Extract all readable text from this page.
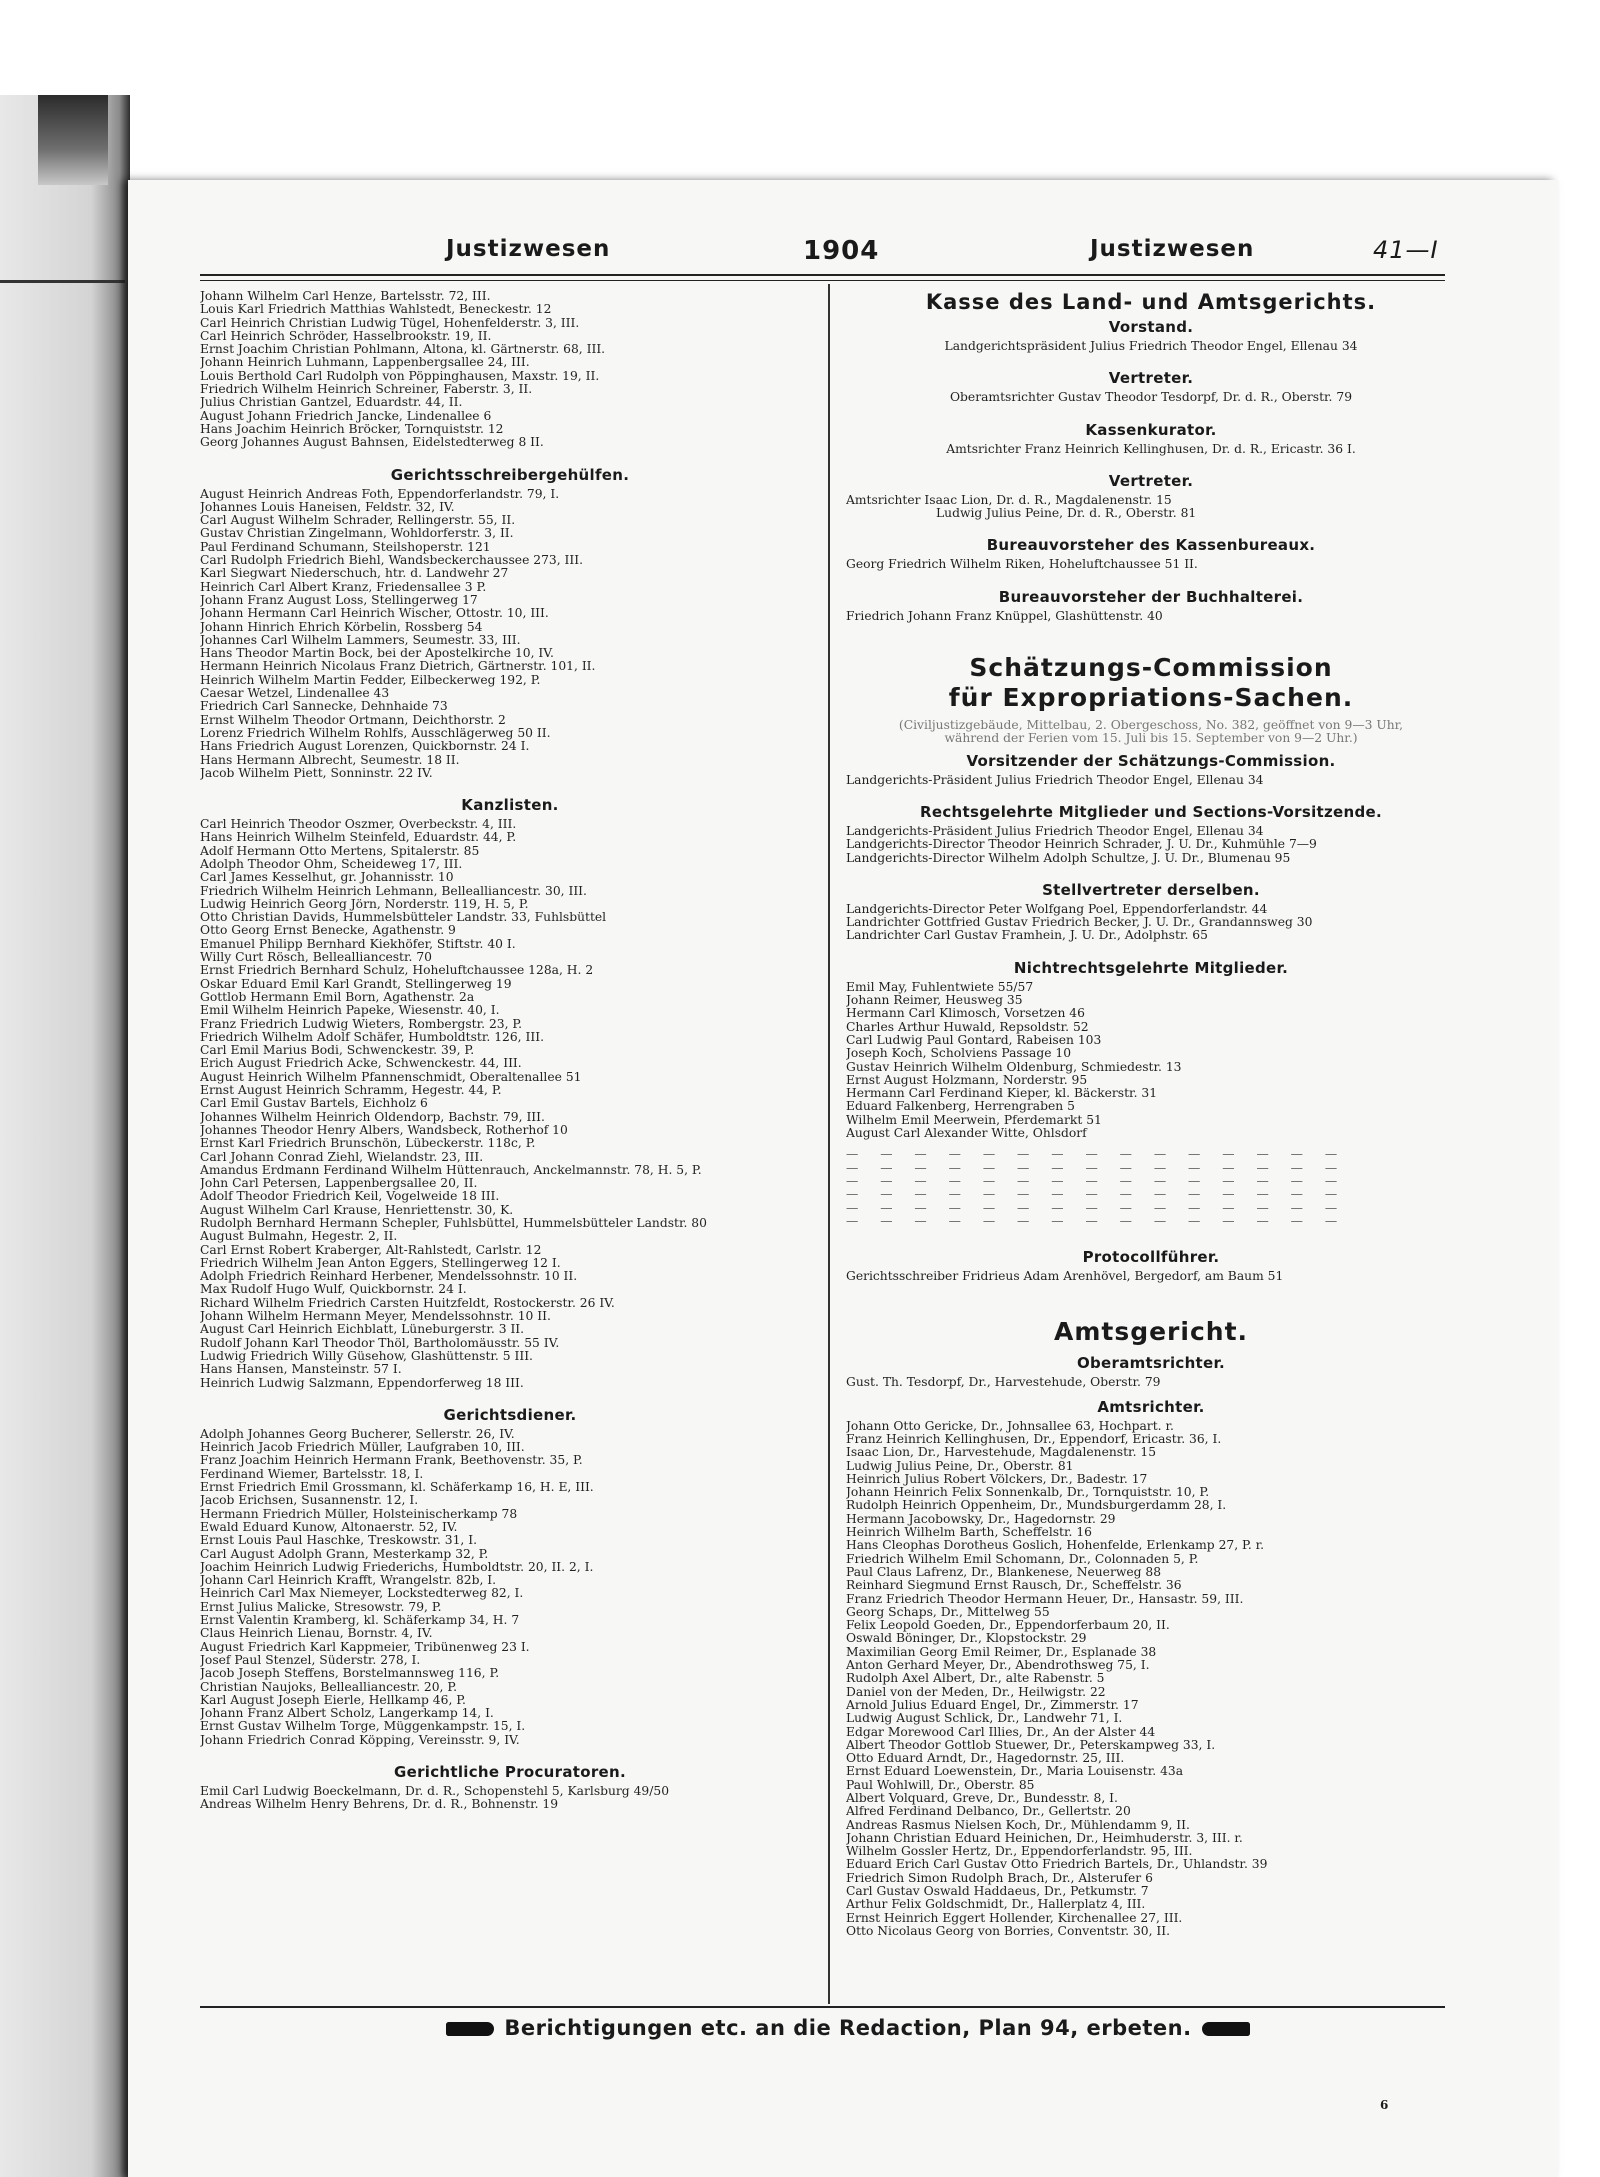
Justizwesen	1904	Justizwesen	41—I
Johann Wilhelm Carl Henze, Bartelsstr. 72, III.
Louis Karl Friedrich Matthias Wahlstedt, Beneckestr. 12
Carl Heinrich Christian Ludwig Tügel, Hohenfelderstr. 3, III.
Carl Heinrich Schröder, Hasselbrookstr. 19, II.
Ernst Joachim Christian Pohlmann, Altona, kl. Gärtnerstr. 68, III.
Johann Heinrich Luhmann, Lappenbergsallee 24, III.
Louis Berthold Carl Rudolph von Pöppinghausen, Maxstr. 19, II.
Friedrich Wilhelm Heinrich Schreiner, Faberstr. 3, II.
Julius Christian Gantzel, Eduardstr. 44, II.
August Johann Friedrich Jancke, Lindenallee 6
Hans Joachim Heinrich Bröcker, Tornquiststr. 12
Georg Johannes August Bahnsen, Eidelstedterweg 8 II.
Gerichtsschreibergehülfen.
August Heinrich Andreas Foth, Eppendorferlandstr. 79, I.
Johannes Louis Haneisen, Feldstr. 32, IV.
Carl August Wilhelm Schrader, Rellingerstr. 55, II.
Gustav Christian Zingelmann, Wohldorferstr. 3, II.
Paul Ferdinand Schumann, Steilshoperstr. 121
Carl Rudolph Friedrich Biehl, Wandsbeckerchaussee 273, III.
Karl Siegwart Niederschuch, htr. d. Landwehr 27
Heinrich Carl Albert Kranz, Friedensallee 3 P.
Johann Franz August Loss, Stellingerweg 17
Johann Hermann Carl Heinrich Wischer, Ottostr. 10, III.
Johann Hinrich Ehrich Körbelin, Rossberg 54
Johannes Carl Wilhelm Lammers, Seumestr. 33, III.
Hans Theodor Martin Bock, bei der Apostelkirche 10, IV.
Hermann Heinrich Nicolaus Franz Dietrich, Gärtnerstr. 101, II.
Heinrich Wilhelm Martin Fedder, Eilbeckerweg 192, P.
Caesar Wetzel, Lindenallee 43
Friedrich Carl Sannecke, Dehnhaide 73
Ernst Wilhelm Theodor Ortmann, Deichthorstr. 2
Lorenz Friedrich Wilhelm Rohlfs, Ausschlägerweg 50 II.
Hans Friedrich August Lorenzen, Quickbornstr. 24 I.
Hans Hermann Albrecht, Seumestr. 18 II.
Jacob Wilhelm Piett, Sonninstr. 22 IV.
Kanzlisten.
Carl Heinrich Theodor Oszmer, Overbeckstr. 4, III.
Hans Heinrich Wilhelm Steinfeld, Eduardstr. 44, P.
Adolf Hermann Otto Mertens, Spitalerstr. 85
Adolph Theodor Ohm, Scheideweg 17, III.
Carl James Kesselhut, gr. Johannisstr. 10
Friedrich Wilhelm Heinrich Lehmann, Bellealliancestr. 30, III.
Ludwig Heinrich Georg Jörn, Norderstr. 119, H. 5, P.
Otto Christian Davids, Hummelsbütteler Landstr. 33, Fuhlsbüttel
Otto Georg Ernst Benecke, Agathenstr. 9
Emanuel Philipp Bernhard Kiekhöfer, Stiftstr. 40 I.
Willy Curt Rösch, Bellealliancestr. 70
Ernst Friedrich Bernhard Schulz, Hoheluftchaussee 128a, H. 2
Oskar Eduard Emil Karl Grandt, Stellingerweg 19
Gottlob Hermann Emil Born, Agathenstr. 2a
Emil Wilhelm Heinrich Papeke, Wiesenstr. 40, I.
Franz Friedrich Ludwig Wieters, Rombergstr. 23, P.
Friedrich Wilhelm Adolf Schäfer, Humboldtstr. 126, III.
Carl Emil Marius Bodi, Schwenckestr. 39, P.
Erich August Friedrich Acke, Schwenckestr. 44, III.
August Heinrich Wilhelm Pfannenschmidt, Oberaltenallee 51
Ernst August Heinrich Schramm, Hegestr. 44, P.
Carl Emil Gustav Bartels, Eichholz 6
Johannes Wilhelm Heinrich Oldendorp, Bachstr. 79, III.
Johannes Theodor Henry Albers, Wandsbeck, Rotherhof 10
Ernst Karl Friedrich Brunschön, Lübeckerstr. 118c, P.
Carl Johann Conrad Ziehl, Wielandstr. 23, III.
Amandus Erdmann Ferdinand Wilhelm Hüttenrauch, Anckelmannstr. 78, H. 5, P.
John Carl Petersen, Lappenbergsallee 20, II.
Adolf Theodor Friedrich Keil, Vogelweide 18 III.
August Wilhelm Carl Krause, Henriettenstr. 30, K.
Rudolph Bernhard Hermann Schepler, Fuhlsbüttel, Hummelsbütteler Landstr. 80
August Bulmahn, Hegestr. 2, II.
Carl Ernst Robert Kraberger, Alt-Rahlstedt, Carlstr. 12
Friedrich Wilhelm Jean Anton Eggers, Stellingerweg 12 I.
Adolph Friedrich Reinhard Herbener, Mendelssohnstr. 10 II.
Max Rudolf Hugo Wulf, Quickbornstr. 24 I.
Richard Wilhelm Friedrich Carsten Huitzfeldt, Rostockerstr. 26 IV.
Johann Wilhelm Hermann Meyer, Mendelssohnstr. 10 II.
August Carl Heinrich Eichblatt, Lüneburgerstr. 3 II.
Rudolf Johann Karl Theodor Thöl, Bartholomäusstr. 55 IV.
Ludwig Friedrich Willy Güsehow, Glashüttenstr. 5 III.
Hans Hansen, Mansteinstr. 57 I.
Heinrich Ludwig Salzmann, Eppendorferweg 18 III.
Gerichtsdiener.
Adolph Johannes Georg Bucherer, Sellerstr. 26, IV.
Heinrich Jacob Friedrich Müller, Laufgraben 10, III.
Franz Joachim Heinrich Hermann Frank, Beethovenstr. 35, P.
Ferdinand Wiemer, Bartelsstr. 18, I.
Ernst Friedrich Emil Grossmann, kl. Schäferkamp 16, H. E, III.
Jacob Erichsen, Susannenstr. 12, I.
Hermann Friedrich Müller, Holsteinischerkamp 78
Ewald Eduard Kunow, Altonaerstr. 52, IV.
Ernst Louis Paul Haschke, Treskowstr. 31, I.
Carl August Adolph Grann, Mesterkamp 32, P.
Joachim Heinrich Ludwig Friederichs, Humboldtstr. 20, II. 2, I.
Johann Carl Heinrich Krafft, Wrangelstr. 82b, I.
Heinrich Carl Max Niemeyer, Lockstedterweg 82, I.
Ernst Julius Malicke, Stresowstr. 79, P.
Ernst Valentin Kramberg, kl. Schäferkamp 34, H. 7
Claus Heinrich Lienau, Bornstr. 4, IV.
August Friedrich Karl Kappmeier, Tribünenweg 23 I.
Josef Paul Stenzel, Süderstr. 278, I.
Jacob Joseph Steffens, Borstelmannsweg 116, P.
Christian Naujoks, Bellealliancestr. 20, P.
Karl August Joseph Eierle, Hellkamp 46, P.
Johann Franz Albert Scholz, Langerkamp 14, I.
Ernst Gustav Wilhelm Torge, Müggenkampstr. 15, I.
Johann Friedrich Conrad Köpping, Vereinsstr. 9, IV.
Gerichtliche Procuratoren.
Emil Carl Ludwig Boeckelmann, Dr. d. R., Schopenstehl 5, Karlsburg 49/50
Andreas Wilhelm Henry Behrens, Dr. d. R., Bohnenstr. 19
Kasse des Land- und Amtsgerichts.
Vorstand.
Landgerichtspräsident Julius Friedrich Theodor Engel, Ellenau 34
Vertreter.
Oberamtsrichter Gustav Theodor Tesdorpf, Dr. d. R., Oberstr. 79
Kassenkurator.
Amtsrichter Franz Heinrich Kellinghusen, Dr. d. R., Ericastr. 36 I.
Vertreter.
Amtsrichter Isaac Lion, Dr. d. R., Magdalenenstr. 15
Ludwig Julius Peine, Dr. d. R., Oberstr. 81
Bureauvorsteher des Kassenbureaux.
Georg Friedrich Wilhelm Riken, Hoheluftchaussee 51 II.
Bureauvorsteher der Buchhalterei.
Friedrich Johann Franz Knüppel, Glashüttenstr. 40
Schätzungs-Commission
für Expropriations-Sachen.
(Civiljustizgebäude, Mittelbau, 2. Obergeschoss, No. 382, geöffnet von 9—3 Uhr,
während der Ferien vom 15. Juli bis 15. September von 9—2 Uhr.)
Vorsitzender der Schätzungs-Commission.
Landgerichts-Präsident Julius Friedrich Theodor Engel, Ellenau 34
Rechtsgelehrte Mitglieder und Sections-Vorsitzende.
Landgerichts-Präsident Julius Friedrich Theodor Engel, Ellenau 34
Landgerichts-Director Theodor Heinrich Schrader, J. U. Dr., Kuhmühle 7—9
Landgerichts-Director Wilhelm Adolph Schultze, J. U. Dr., Blumenau 95
Stellvertreter derselben.
Landgerichts-Director Peter Wolfgang Poel, Eppendorferlandstr. 44
Landrichter Gottfried Gustav Friedrich Becker, J. U. Dr., Grandannsweg 30
Landrichter Carl Gustav Framhein, J. U. Dr., Adolphstr. 65
Nichtrechtsgelehrte Mitglieder.
Emil May, Fuhlentwiete 55/57
Johann Reimer, Heusweg 35
Hermann Carl Klimosch, Vorsetzen 46
Charles Arthur Huwald, Repsoldstr. 52
Carl Ludwig Paul Gontard, Rabeisen 103
Joseph Koch, Scholviens Passage 10
Gustav Heinrich Wilhelm Oldenburg, Schmiedestr. 13
Ernst August Holzmann, Norderstr. 95
Hermann Carl Ferdinand Kieper, kl. Bäckerstr. 31
Eduard Falkenberg, Herrengraben 5
Wilhelm Emil Meerwein, Pferdemarkt 51
August Carl Alexander Witte, Ohlsdorf
— — — — — — — — — — — — — — —
— — — — — — — — — — — — — — —
— — — — — — — — — — — — — — —
— — — — — — — — — — — — — — —
— — — — — — — — — — — — — — —
— — — — — — — — — — — — — — —
Protocollführer.
Gerichtsschreiber Fridrieus Adam Arenhövel, Bergedorf, am Baum 51
Amtsgericht.
Oberamtsrichter.
Gust. Th. Tesdorpf, Dr., Harvestehude, Oberstr. 79
Amtsrichter.
Johann Otto Gericke, Dr., Johnsallee 63, Hochpart. r.
Franz Heinrich Kellinghusen, Dr., Eppendorf, Ericastr. 36, I.
Isaac Lion, Dr., Harvestehude, Magdalenenstr. 15
Ludwig Julius Peine, Dr., Oberstr. 81
Heinrich Julius Robert Völckers, Dr., Badestr. 17
Johann Heinrich Felix Sonnenkalb, Dr., Tornquiststr. 10, P.
Rudolph Heinrich Oppenheim, Dr., Mundsburgerdamm 28, I.
Hermann Jacobowsky, Dr., Hagedornstr. 29
Heinrich Wilhelm Barth, Scheffelstr. 16
Hans Cleophas Dorotheus Goslich, Hohenfelde, Erlenkamp 27, P. r.
Friedrich Wilhelm Emil Schomann, Dr., Colonnaden 5, P.
Paul Claus Lafrenz, Dr., Blankenese, Neuerweg 88
Reinhard Siegmund Ernst Rausch, Dr., Scheffelstr. 36
Franz Friedrich Theodor Hermann Heuer, Dr., Hansastr. 59, III.
Georg Schaps, Dr., Mittelweg 55
Felix Leopold Goeden, Dr., Eppendorferbaum 20, II.
Oswald Böninger, Dr., Klopstockstr. 29
Maximilian Georg Emil Reimer, Dr., Esplanade 38
Anton Gerhard Meyer, Dr., Abendrothsweg 75, I.
Rudolph Axel Albert, Dr., alte Rabenstr. 5
Daniel von der Meden, Dr., Heilwigstr. 22
Arnold Julius Eduard Engel, Dr., Zimmerstr. 17
Ludwig August Schlick, Dr., Landwehr 71, I.
Edgar Morewood Carl Illies, Dr., An der Alster 44
Albert Theodor Gottlob Stuewer, Dr., Peterskampweg 33, I.
Otto Eduard Arndt, Dr., Hagedornstr. 25, III.
Ernst Eduard Loewenstein, Dr., Maria Louisenstr. 43a
Paul Wohlwill, Dr., Oberstr. 85
Albert Volquard, Greve, Dr., Bundesstr. 8, I.
Alfred Ferdinand Delbanco, Dr., Gellertstr. 20
Andreas Rasmus Nielsen Koch, Dr., Mühlendamm 9, II.
Johann Christian Eduard Heinichen, Dr., Heimhuderstr. 3, III. r.
Wilhelm Gossler Hertz, Dr., Eppendorferlandstr. 95, III.
Eduard Erich Carl Gustav Otto Friedrich Bartels, Dr., Uhlandstr. 39
Friedrich Simon Rudolph Brach, Dr., Alsterufer 6
Carl Gustav Oswald Haddaeus, Dr., Petkumstr. 7
Arthur Felix Goldschmidt, Dr., Hallerplatz 4, III.
Ernst Heinrich Eggert Hollender, Kirchenallee 27, III.
Otto Nicolaus Georg von Borries, Conventstr. 30, II.
Berichtigungen etc. an die Redaction, Plan 94, erbeten.
6
